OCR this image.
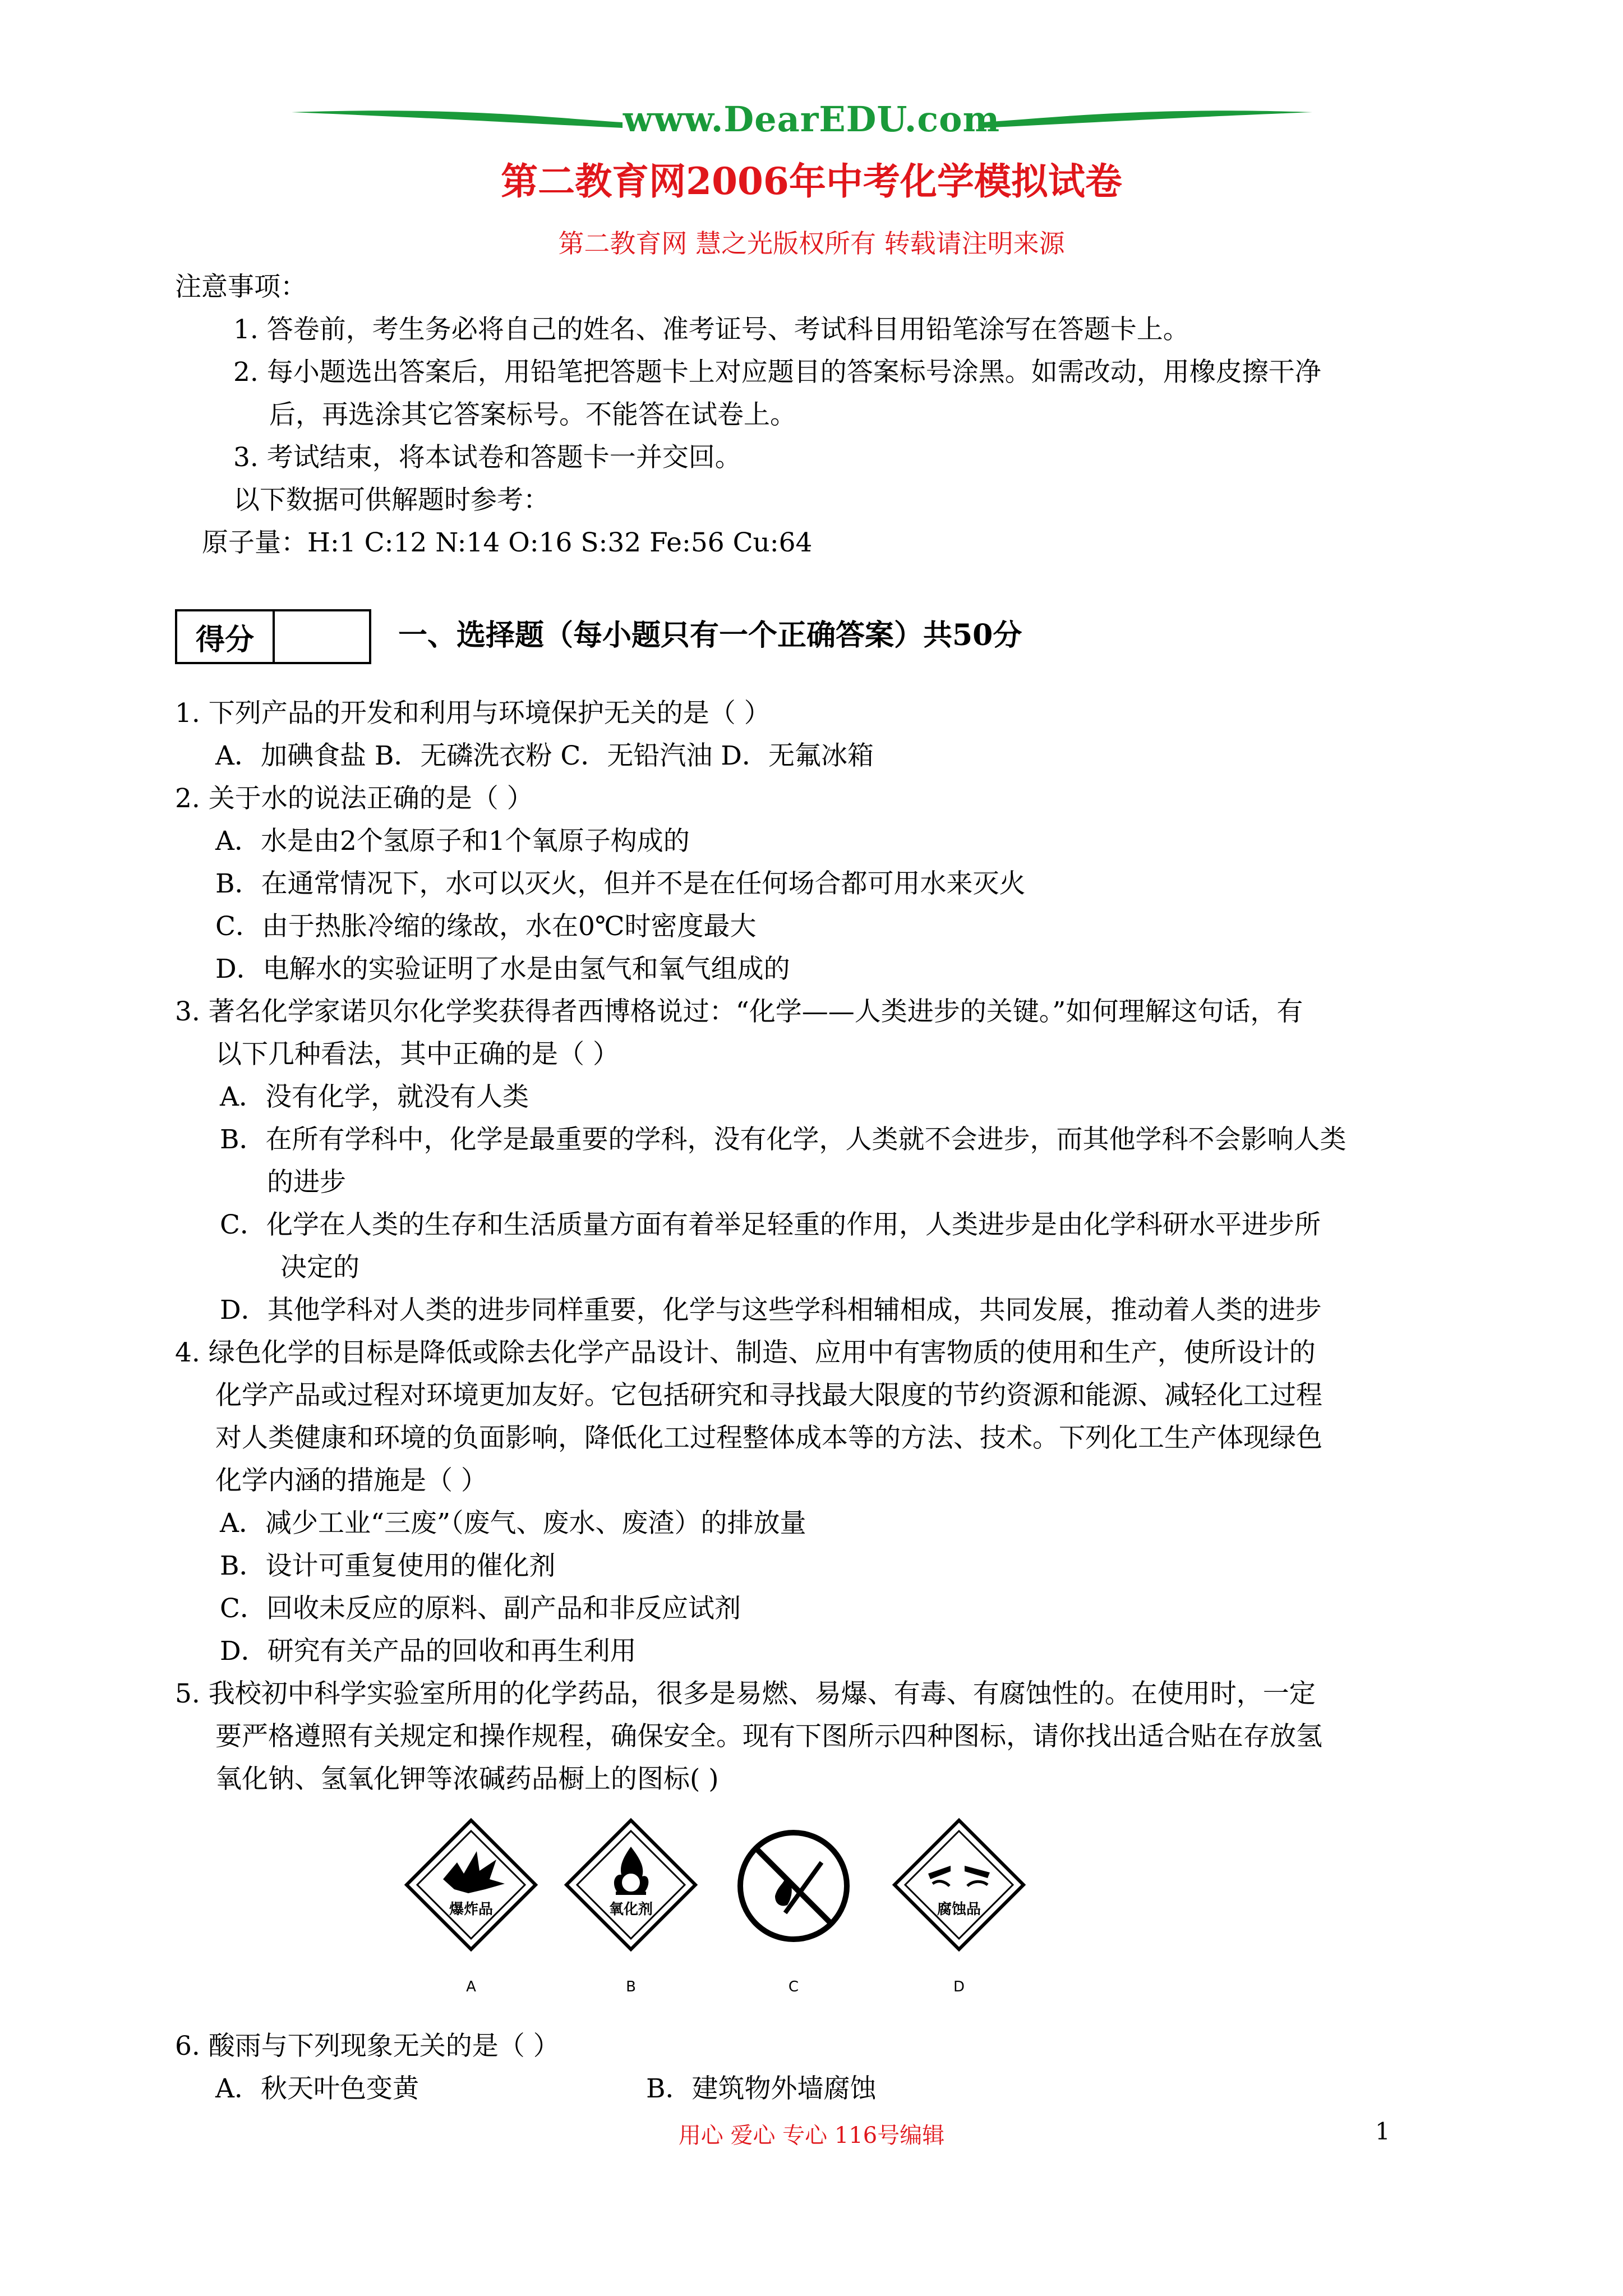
www.DearEDU.com
第二教育网2006年中考化学模拟试卷
第二教育网 慧之光版权所有 转载请注明来源
注意事项：
1. 答卷前，考生务必将自己的姓名、准考证号、考试科目用铅笔涂写在答题卡上。
2. 每小题选出答案后，用铅笔把答题卡上对应题目的答案标号涂黑。如需改动，用橡皮擦干净
后，再选涂其它答案标号。不能答在试卷上。
3. 考试结束，将本试卷和答题卡一并交回。
以下数据可供解题时参考：
原子量：H:1 C:12 N:14 O:16 S:32 Fe:56 Cu:64
得分	一、选择题（每小题只有一个正确答案）共50分
1. 下列产品的开发和利用与环境保护无关的是（ ）
A．加碘食盐 B．无磷洗衣粉 C．无铅汽油 D．无氟冰箱
2. 关于水的说法正确的是（ ）
A．水是由2个氢原子和1个氧原子构成的
B．在通常情况下，水可以灭火，但并不是在任何场合都可用水来灭火
C．由于热胀冷缩的缘故，水在0℃时密度最大
D．电解水的实验证明了水是由氢气和氧气组成的
3. 著名化学家诺贝尔化学奖获得者西博格说过：“化学——人类进步的关键。”如何理解这句话，有
以下几种看法，其中正确的是（ ）
A．没有化学，就没有人类
B．在所有学科中，化学是最重要的学科，没有化学，人类就不会进步，而其他学科不会影响人类
的进步
C．化学在人类的生存和生活质量方面有着举足轻重的作用，人类进步是由化学科研水平进步所
决定的
D．其他学科对人类的进步同样重要，化学与这些学科相辅相成，共同发展，推动着人类的进步
4. 绿色化学的目标是降低或除去化学产品设计、制造、应用中有害物质的使用和生产，使所设计的
化学产品或过程对环境更加友好。它包括研究和寻找最大限度的节约资源和能源、减轻化工过程
对人类健康和环境的负面影响，降低化工过程整体成本等的方法、技术。下列化工生产体现绿色
化学内涵的措施是（ ）
A．减少工业“三废”（废气、废水、废渣）的排放量
B．设计可重复使用的催化剂
C．回收未反应的原料、副产品和非反应试剂
D．研究有关产品的回收和再生利用
5. 我校初中科学实验室所用的化学药品，很多是易燃、易爆、有毒、有腐蚀性的。在使用时，一定
要严格遵照有关规定和操作规程，确保安全。现有下图所示四种图标，请你找出适合贴在存放氢
氧化钠、氢氧化钾等浓碱药品橱上的图标( )
爆炸品
A
氧化剂
B	C
腐蚀品
D
6. 酸雨与下列现象无关的是（ ）
A．秋天叶色变黄	B．建筑物外墙腐蚀
用心 爱心 专心 116号编辑	1
